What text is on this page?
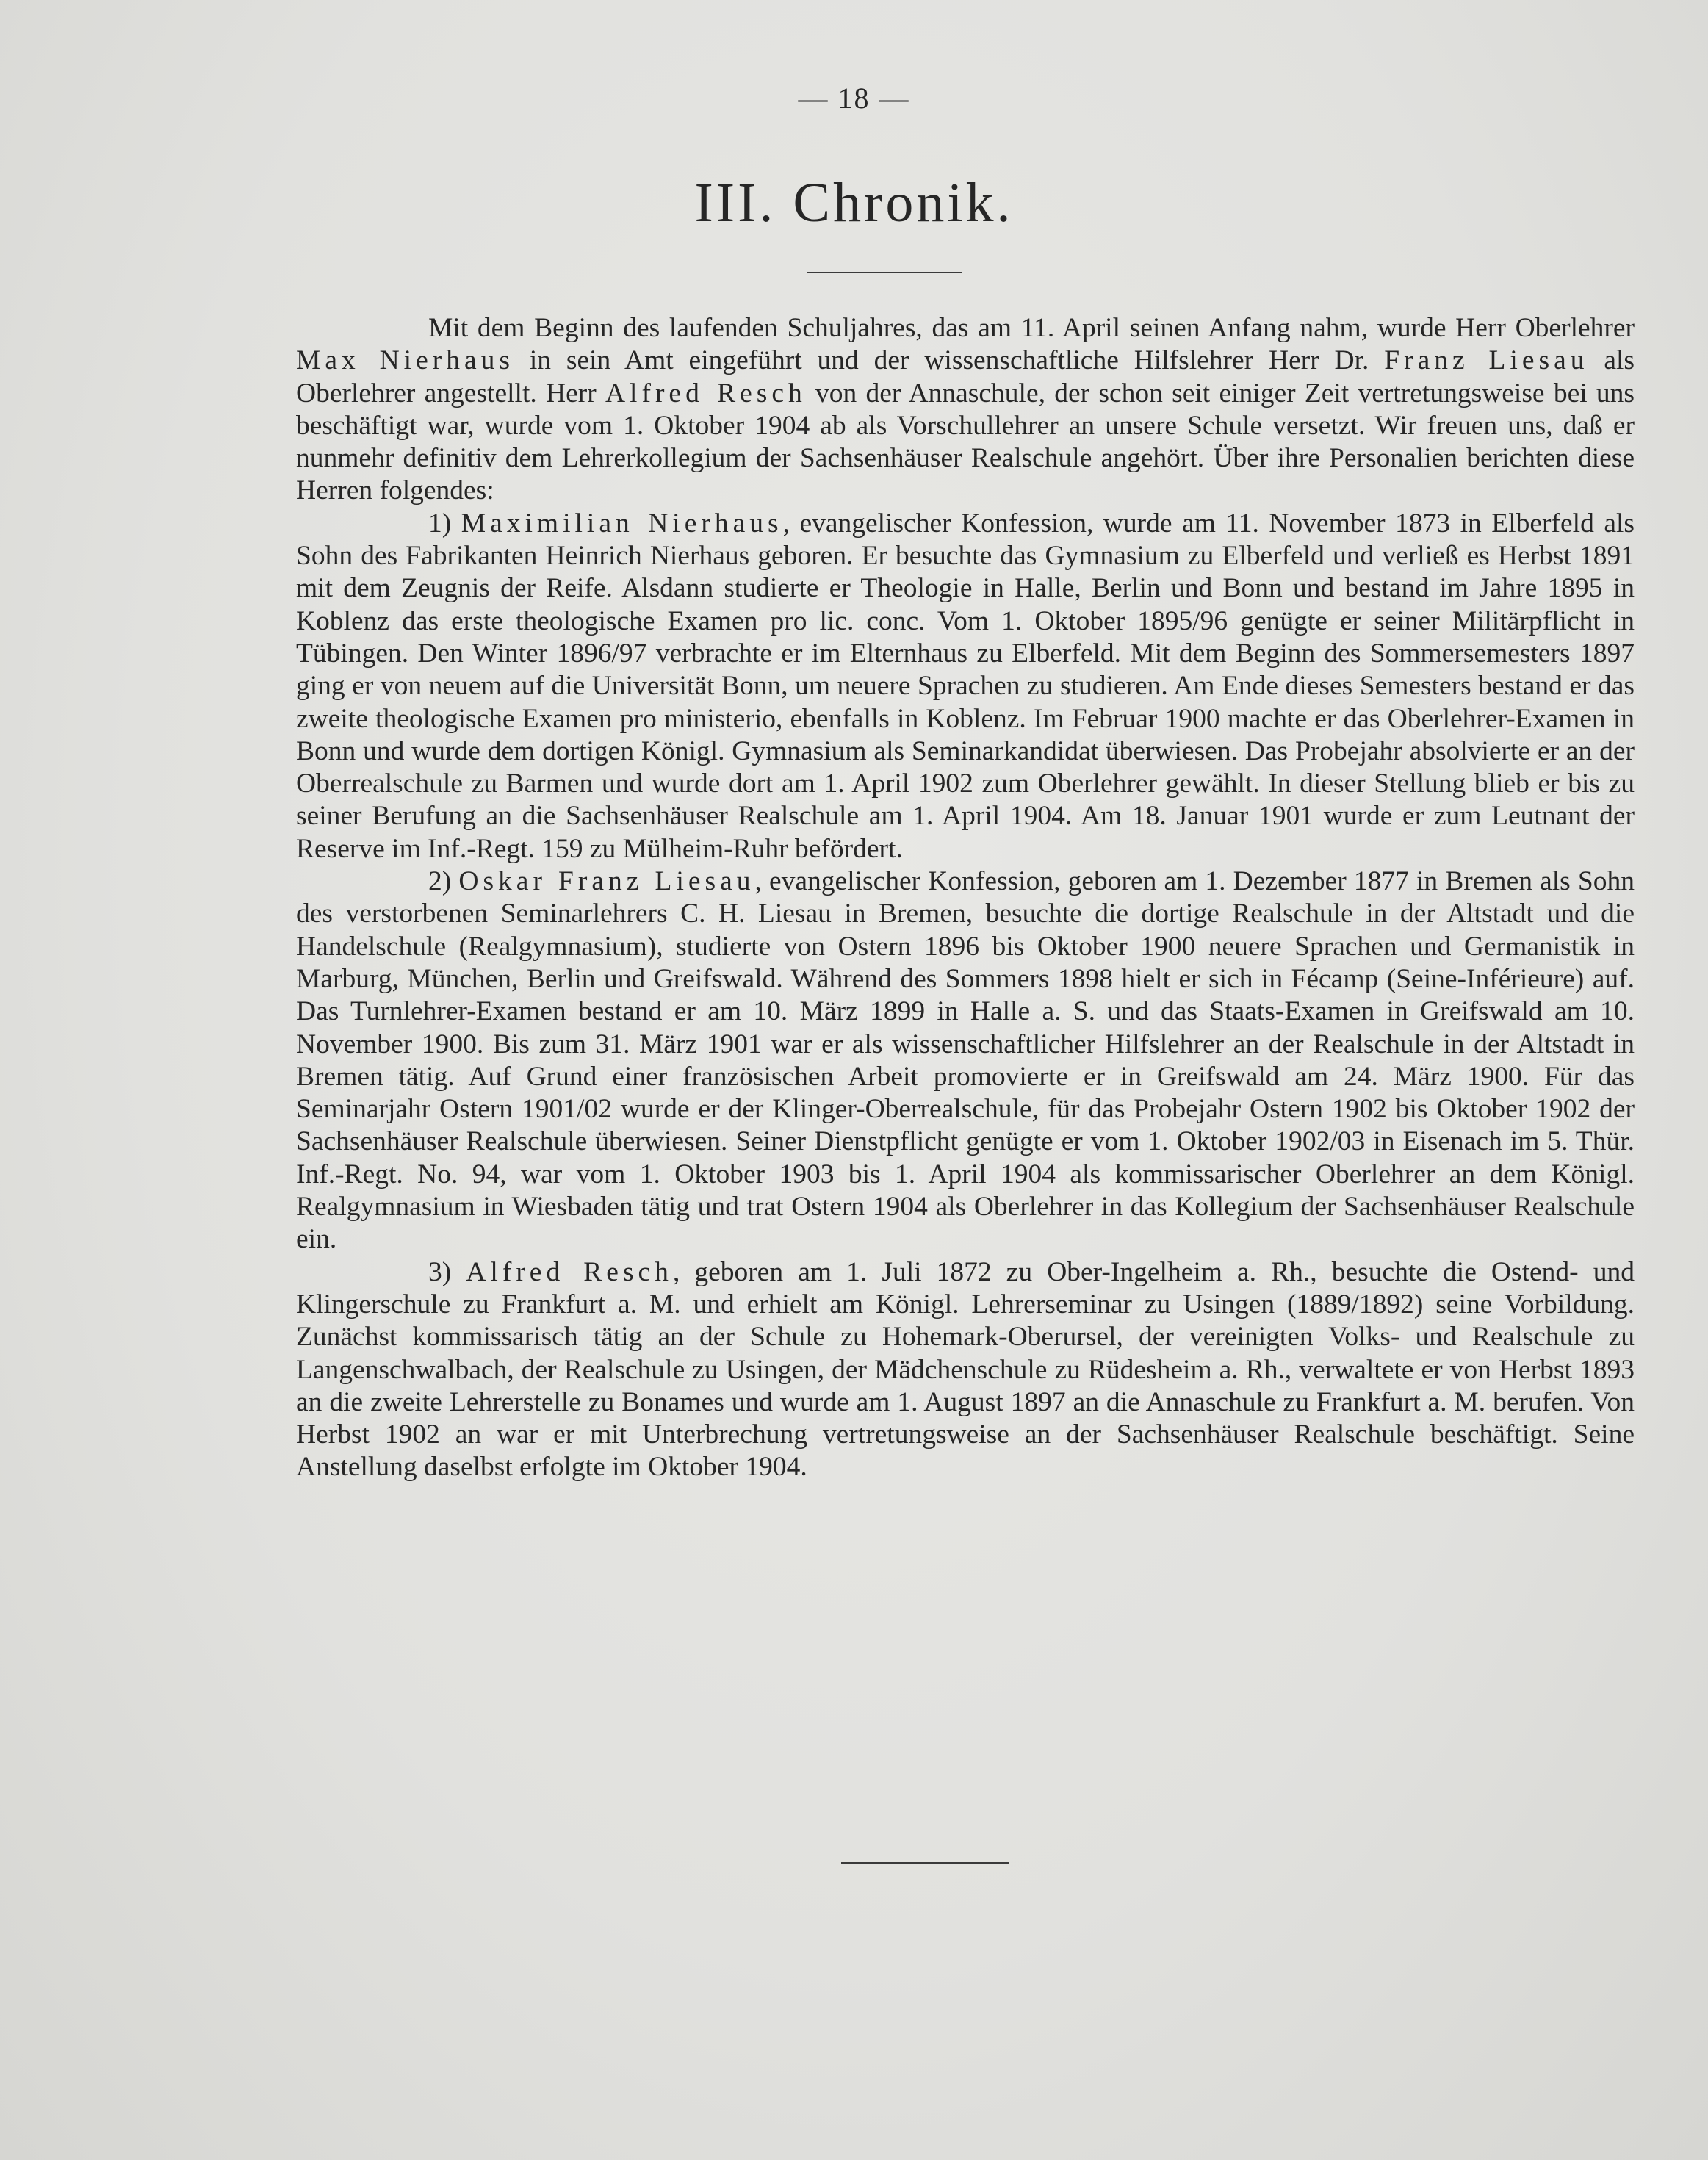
— 18 —
III. Chronik.

Mit dem Beginn des laufenden Schuljahres, das am 11. April seinen Anfang nahm, wurde Herr Oberlehrer Max Nierhaus in sein Amt eingeführt und der wissenschaftliche Hilfslehrer Herr Dr. Franz Liesau als Oberlehrer angestellt. Herr Alfred Resch von der Annaschule, der schon seit einiger Zeit vertretungsweise bei uns beschäftigt war, wurde vom 1. Oktober 1904 ab als Vorschullehrer an unsere Schule versetzt. Wir freuen uns, daß er nunmehr definitiv dem Lehrerkollegium der Sachsenhäuser Realschule angehört. Über ihre Personalien berichten diese Herren folgendes:

1) Maximilian Nierhaus, evangelischer Konfession, wurde am 11. November 1873 in Elberfeld als Sohn des Fabrikanten Heinrich Nierhaus geboren. Er besuchte das Gymnasium zu Elberfeld und verließ es Herbst 1891 mit dem Zeugnis der Reife. Alsdann studierte er Theologie in Halle, Berlin und Bonn und bestand im Jahre 1895 in Koblenz das erste theologische Examen pro lic. conc. Vom 1. Oktober 1895/96 genügte er seiner Militärpflicht in Tübingen. Den Winter 1896/97 verbrachte er im Elternhaus zu Elberfeld. Mit dem Beginn des Sommersemesters 1897 ging er von neuem auf die Universität Bonn, um neuere Sprachen zu studieren. Am Ende dieses Semesters bestand er das zweite theologische Examen pro ministerio, ebenfalls in Koblenz. Im Februar 1900 machte er das Oberlehrer-Examen in Bonn und wurde dem dortigen Königl. Gymnasium als Seminarkandidat überwiesen. Das Probejahr absolvierte er an der Oberrealschule zu Barmen und wurde dort am 1. April 1902 zum Oberlehrer gewählt. In dieser Stellung blieb er bis zu seiner Berufung an die Sachsenhäuser Realschule am 1. April 1904. Am 18. Januar 1901 wurde er zum Leutnant der Reserve im Inf.-Regt. 159 zu Mülheim-Ruhr befördert.

2) Oskar Franz Liesau, evangelischer Konfession, geboren am 1. Dezember 1877 in Bremen als Sohn des verstorbenen Seminarlehrers C. H. Liesau in Bremen, besuchte die dortige Realschule in der Altstadt und die Handelschule (Realgymnasium), studierte von Ostern 1896 bis Oktober 1900 neuere Sprachen und Germanistik in Marburg, München, Berlin und Greifswald. Während des Sommers 1898 hielt er sich in Fécamp (Seine-Inférieure) auf. Das Turnlehrer-Examen bestand er am 10. März 1899 in Halle a. S. und das Staats-Examen in Greifswald am 10. November 1900. Bis zum 31. März 1901 war er als wissenschaftlicher Hilfslehrer an der Realschule in der Altstadt in Bremen tätig. Auf Grund einer französischen Arbeit promovierte er in Greifswald am 24. März 1900. Für das Seminarjahr Ostern 1901/02 wurde er der Klinger-Oberrealschule, für das Probejahr Ostern 1902 bis Oktober 1902 der Sachsenhäuser Realschule überwiesen. Seiner Dienstpflicht genügte er vom 1. Oktober 1902/03 in Eisenach im 5. Thür. Inf.-Regt. No. 94, war vom 1. Oktober 1903 bis 1. April 1904 als kommissarischer Oberlehrer an dem Königl. Realgymnasium in Wiesbaden tätig und trat Ostern 1904 als Oberlehrer in das Kollegium der Sachsenhäuser Realschule ein.

3) Alfred Resch, geboren am 1. Juli 1872 zu Ober-Ingelheim a. Rh., besuchte die Ostend- und Klingerschule zu Frankfurt a. M. und erhielt am Königl. Lehrerseminar zu Usingen (1889/1892) seine Vorbildung. Zunächst kommissarisch tätig an der Schule zu Hohemark-Oberursel, der vereinigten Volks- und Realschule zu Langenschwalbach, der Realschule zu Usingen, der Mädchenschule zu Rüdesheim a. Rh., verwaltete er von Herbst 1893 an die zweite Lehrerstelle zu Bonames und wurde am 1. August 1897 an die Annaschule zu Frankfurt a. M. berufen. Von Herbst 1902 an war er mit Unterbrechung vertretungsweise an der Sachsenhäuser Realschule beschäftigt. Seine Anstellung daselbst erfolgte im Oktober 1904.
